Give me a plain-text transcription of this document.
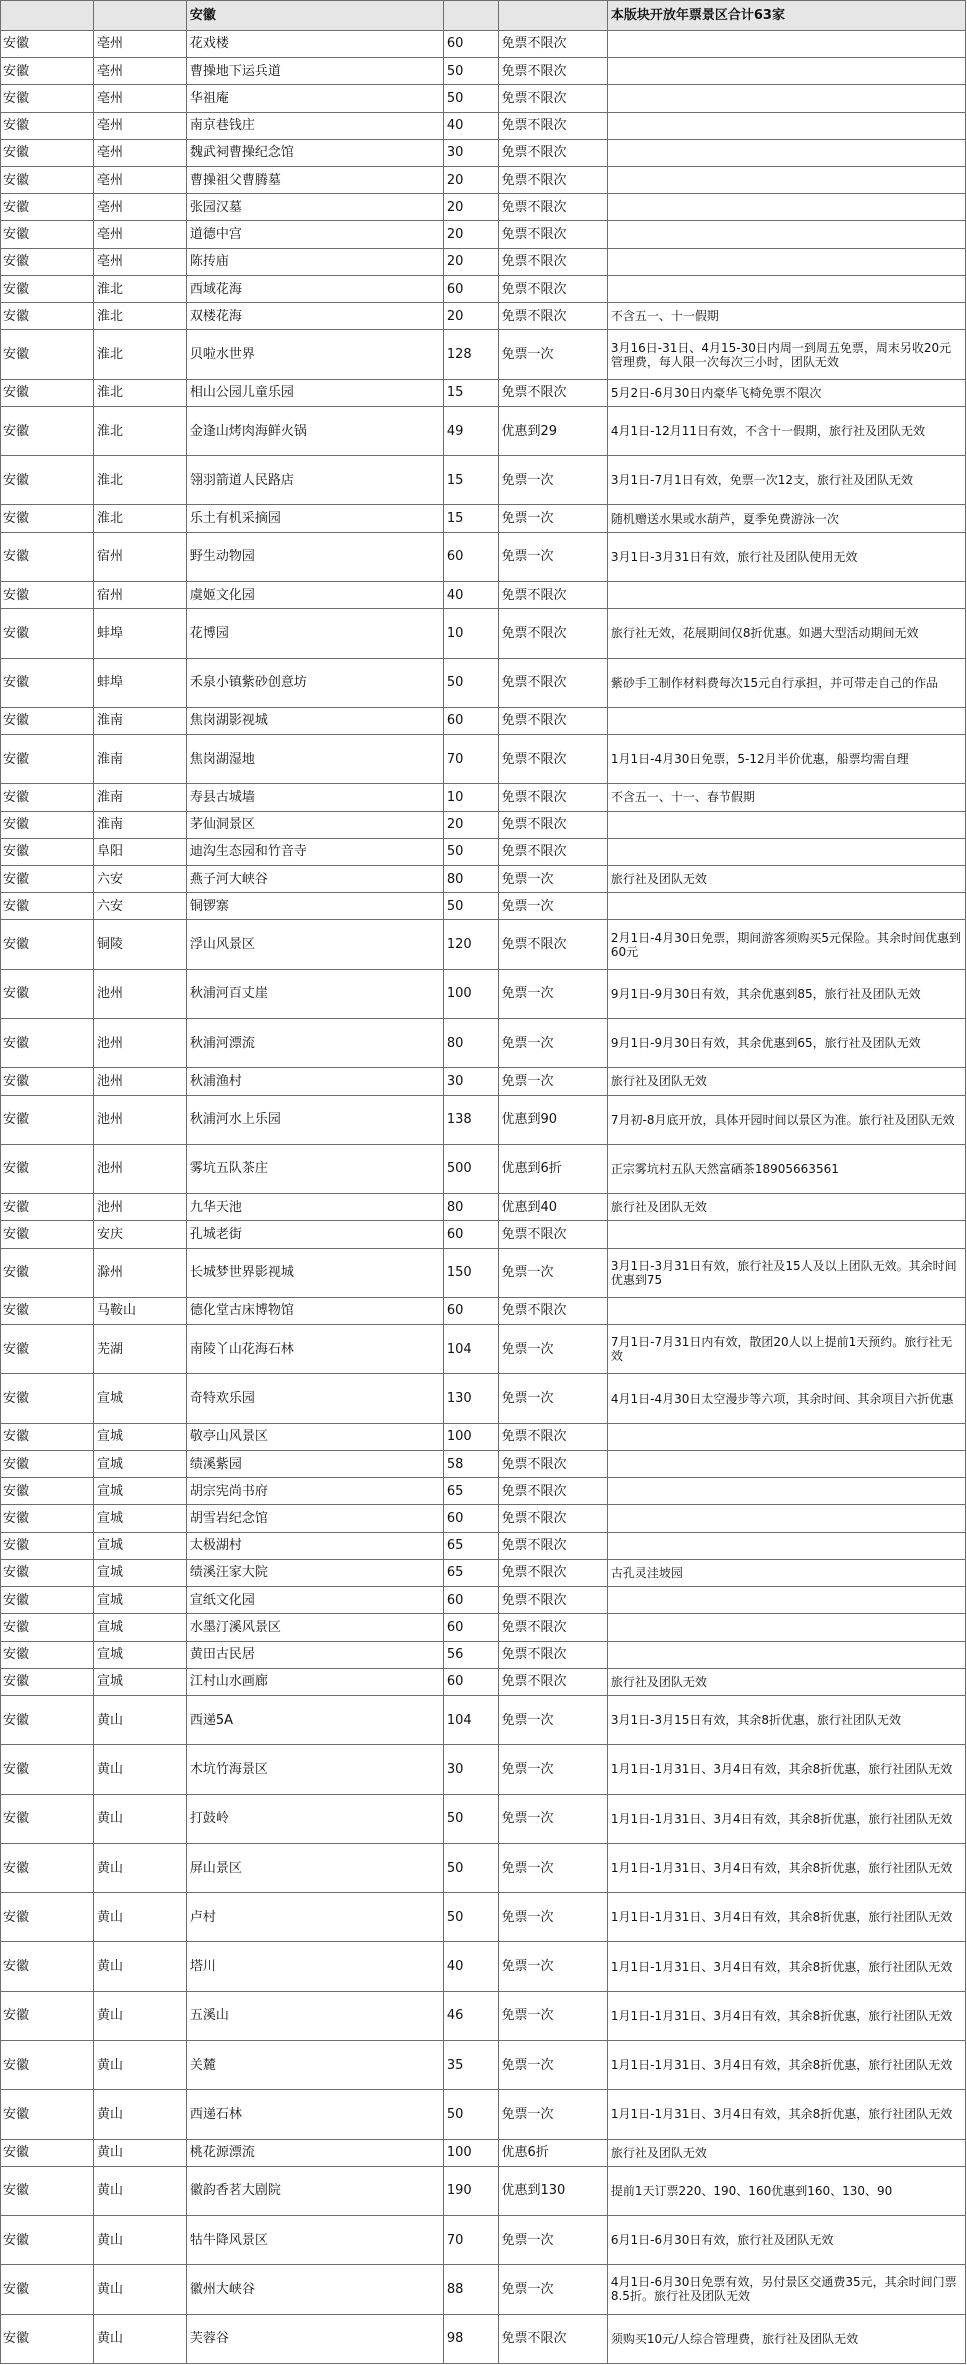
		安徽			本版块开放年票景区合计63家
安徽	亳州	花戏楼	60	免票不限次	
安徽	亳州	曹操地下运兵道	50	免票不限次	
安徽	亳州	华祖庵	50	免票不限次	
安徽	亳州	南京巷钱庄	40	免票不限次	
安徽	亳州	魏武祠曹操纪念馆	30	免票不限次	
安徽	亳州	曹操祖父曹腾墓	20	免票不限次	
安徽	亳州	张园汉墓	20	免票不限次	
安徽	亳州	道德中宫	20	免票不限次	
安徽	亳州	陈抟庙	20	免票不限次	
安徽	淮北	西域花海	60	免票不限次	
安徽	淮北	双楼花海	20	免票不限次	不含五一、十一假期
安徽	淮北	贝啦水世界	128	免票一次	3月16日-31日、4月15-30日内周一到周五免票，周末另收20元管理费，每人限一次每次三小时，团队无效
安徽	淮北	相山公园儿童乐园	15	免票不限次	5月2日-6月30日内豪华飞椅免票不限次
安徽	淮北	金逢山烤肉海鲜火锅	49	优惠到29	4月1日-12月11日有效，不含十一假期，旅行社及团队无效
安徽	淮北	翎羽箭道人民路店	15	免票一次	3月1日-7月1日有效，免票一次12支，旅行社及团队无效
安徽	淮北	乐土有机采摘园	15	免票一次	随机赠送水果或水葫芦，夏季免费游泳一次
安徽	宿州	野生动物园	60	免票一次	3月1日-3月31日有效，旅行社及团队使用无效
安徽	宿州	虞姬文化园	40	免票不限次	
安徽	蚌埠	花博园	10	免票不限次	旅行社无效，花展期间仅8折优惠。如遇大型活动期间无效
安徽	蚌埠	禾泉小镇紫砂创意坊	50	免票不限次	紫砂手工制作材料费每次15元自行承担，并可带走自己的作品
安徽	淮南	焦岗湖影视城	60	免票不限次	
安徽	淮南	焦岗湖湿地	70	免票不限次	1月1日-4月30日免票，5-12月半价优惠，船票均需自理
安徽	淮南	寿县古城墙	10	免票不限次	不含五一、十一、春节假期
安徽	淮南	茅仙洞景区	20	免票不限次	
安徽	阜阳	迪沟生态园和竹音寺	50	免票不限次	
安徽	六安	燕子河大峡谷	80	免票一次	旅行社及团队无效
安徽	六安	铜锣寨	50	免票一次	
安徽	铜陵	浮山风景区	120	免票不限次	2月1日-4月30日免票，期间游客须购买5元保险。其余时间优惠到60元
安徽	池州	秋浦河百丈崖	100	免票一次	9月1日-9月30日有效，其余优惠到85，旅行社及团队无效
安徽	池州	秋浦河漂流	80	免票一次	9月1日-9月30日有效，其余优惠到65，旅行社及团队无效
安徽	池州	秋浦渔村	30	免票一次	旅行社及团队无效
安徽	池州	秋浦河水上乐园	138	优惠到90	7月初-8月底开放，具体开园时间以景区为准。旅行社及团队无效
安徽	池州	雾坑五队茶庄	500	优惠到6折	正宗雾坑村五队天然富硒茶18905663561
安徽	池州	九华天池	80	优惠到40	旅行社及团队无效
安徽	安庆	孔城老街	60	免票不限次	
安徽	滁州	长城梦世界影视城	150	免票一次	3月1日-3月31日有效，旅行社及15人及以上团队无效。其余时间优惠到75
安徽	马鞍山	德化堂古床博物馆	60	免票不限次	
安徽	芜湖	南陵丫山花海石林	104	免票一次	7月1日-7月31日内有效，散团20人以上提前1天预约。旅行社无效
安徽	宣城	奇特欢乐园	130	免票一次	4月1日-4月30日太空漫步等六项，其余时间、其余项目六折优惠
安徽	宣城	敬亭山风景区	100	免票不限次	
安徽	宣城	绩溪紫园	58	免票不限次	
安徽	宣城	胡宗宪尚书府	65	免票不限次	
安徽	宣城	胡雪岩纪念馆	60	免票不限次	
安徽	宣城	太极湖村	65	免票不限次	
安徽	宣城	绩溪汪家大院	65	免票不限次	古孔灵洼坡园
安徽	宣城	宣纸文化园	60	免票不限次	
安徽	宣城	水墨汀溪风景区	60	免票不限次	
安徽	宣城	黄田古民居	56	免票不限次	
安徽	宣城	江村山水画廊	60	免票不限次	旅行社及团队无效
安徽	黄山	西递5A	104	免票一次	3月1日-3月15日有效，其余8折优惠，旅行社团队无效
安徽	黄山	木坑竹海景区	30	免票一次	1月1日-1月31日、3月4日有效，其余8折优惠，旅行社团队无效
安徽	黄山	打鼓岭	50	免票一次	1月1日-1月31日、3月4日有效，其余8折优惠，旅行社团队无效
安徽	黄山	屏山景区	50	免票一次	1月1日-1月31日、3月4日有效，其余8折优惠，旅行社团队无效
安徽	黄山	卢村	50	免票一次	1月1日-1月31日、3月4日有效，其余8折优惠，旅行社团队无效
安徽	黄山	塔川	40	免票一次	1月1日-1月31日、3月4日有效，其余8折优惠，旅行社团队无效
安徽	黄山	五溪山	46	免票一次	1月1日-1月31日、3月4日有效，其余8折优惠，旅行社团队无效
安徽	黄山	关麓	35	免票一次	1月1日-1月31日、3月4日有效，其余8折优惠，旅行社团队无效
安徽	黄山	西递石林	50	免票一次	1月1日-1月31日、3月4日有效，其余8折优惠，旅行社团队无效
安徽	黄山	桃花源漂流	100	优惠6折	旅行社及团队无效
安徽	黄山	徽韵香茗大剧院	190	优惠到130	提前1天订票220、190、160优惠到160、130、90
安徽	黄山	牯牛降风景区	70	免票一次	6月1日-6月30日有效，旅行社及团队无效
安徽	黄山	徽州大峡谷	88	免票一次	4月1日-6月30日免票有效，另付景区交通费35元，其余时间门票8.5折。旅行社及团队无效
安徽	黄山	芙蓉谷	98	免票不限次	须购买10元/人综合管理费，旅行社及团队无效
